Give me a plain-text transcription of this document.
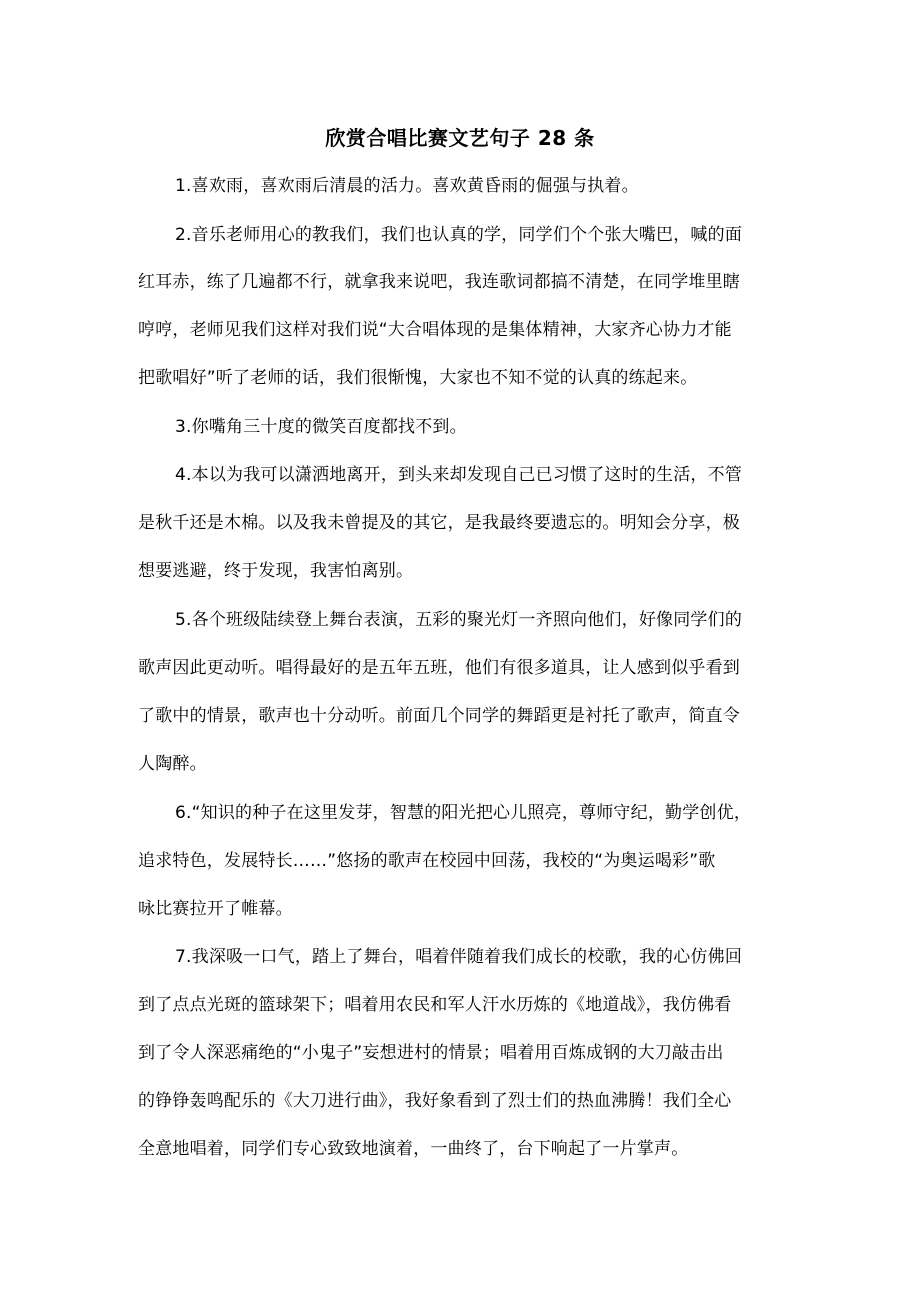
欣赏合唱比赛文艺句子 28 条
1.喜欢雨，喜欢雨后清晨的活力。喜欢黄昏雨的倔强与执着。
2.音乐老师用心的教我们，我们也认真的学，同学们个个张大嘴巴，喊的面
红耳赤，练了几遍都不行，就拿我来说吧，我连歌词都搞不清楚，在同学堆里瞎
哼哼，老师见我们这样对我们说“大合唱体现的是集体精神，大家齐心协力才能
把歌唱好”听了老师的话，我们很惭愧，大家也不知不觉的认真的练起来。
3.你嘴角三十度的微笑百度都找不到。
4.本以为我可以潇洒地离开，到头来却发现自己已习惯了这时的生活，不管
是秋千还是木棉。以及我未曾提及的其它，是我最终要遗忘的。明知会分享，极
想要逃避，终于发现，我害怕离别。
5.各个班级陆续登上舞台表演，五彩的聚光灯一齐照向他们，好像同学们的
歌声因此更动听。唱得最好的是五年五班，他们有很多道具，让人感到似乎看到
了歌中的情景，歌声也十分动听。前面几个同学的舞蹈更是衬托了歌声，简直令
人陶醉。
6.“知识的种子在这里发芽，智慧的阳光把心儿照亮，尊师守纪，勤学创优，
追求特色，发展特长……”悠扬的歌声在校园中回荡，我校的“为奥运喝彩”歌
咏比赛拉开了帷幕。
7.我深吸一口气，踏上了舞台，唱着伴随着我们成长的校歌，我的心仿佛回
到了点点光斑的篮球架下；唱着用农民和军人汗水历炼的《地道战》，我仿佛看
到了令人深恶痛绝的“小鬼子”妄想进村的情景；唱着用百炼成钢的大刀敲击出
的铮铮轰鸣配乐的《大刀进行曲》，我好象看到了烈士们的热血沸腾！我们全心
全意地唱着，同学们专心致致地演着，一曲终了，台下响起了一片掌声。
